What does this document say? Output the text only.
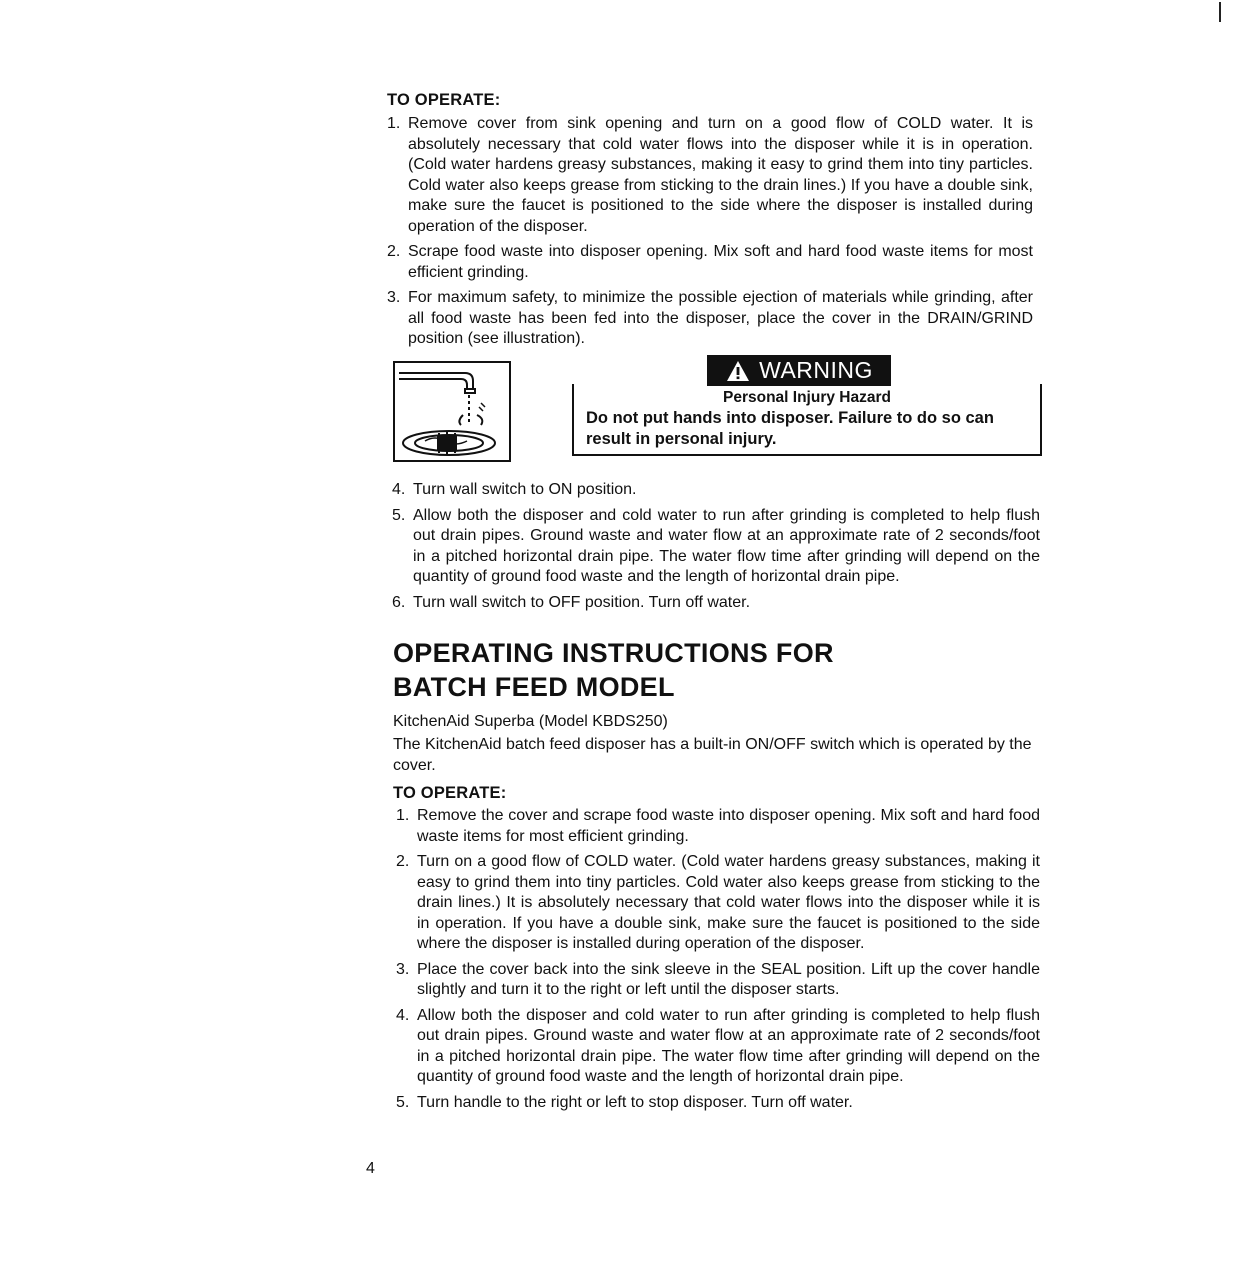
TO OPERATE:
1. Remove cover from sink opening and turn on a good flow of COLD water. It is absolutely necessary that cold water flows into the disposer while it is in operation. (Cold water hardens greasy substances, making it easy to grind them into tiny particles. Cold water also keeps grease from sticking to the drain lines.) If you have a double sink, make sure the faucet is positioned to the side where the disposer is installed during operation of the disposer.
2. Scrape food waste into disposer opening. Mix soft and hard food waste items for most efficient grinding.
3. For maximum safety, to minimize the possible ejection of materials while grinding, after all food waste has been fed into the disposer, place the cover in the DRAIN/GRIND position (see illustration).
WARNING
Personal Injury Hazard
Do not put hands into disposer. Failure to do so can result in personal injury.
4. Turn wall switch to ON position.
5. Allow both the disposer and cold water to run after grinding is completed to help flush out drain pipes. Ground waste and water flow at an approximate rate of 2 seconds/foot in a pitched horizontal drain pipe. The water flow time after grinding will depend on the quantity of ground food waste and the length of horizontal drain pipe.
6. Turn wall switch to OFF position. Turn off water.
OPERATING INSTRUCTIONS FOR
BATCH FEED MODEL

KitchenAid Superba (Model KBDS250)

The KitchenAid batch feed disposer has a built-in ON/OFF switch which is operated by the cover.

TO OPERATE:
1. Remove the cover and scrape food waste into disposer opening. Mix soft and hard food waste items for most efficient grinding.
2. Turn on a good flow of COLD water. (Cold water hardens greasy substances, making it easy to grind them into tiny particles. Cold water also keeps grease from sticking to the drain lines.) It is absolutely necessary that cold water flows into the disposer while it is in operation. If you have a double sink, make sure the faucet is positioned to the side where the disposer is installed during operation of the disposer.
3. Place the cover back into the sink sleeve in the SEAL position. Lift up the cover handle slightly and turn it to the right or left until the disposer starts.
4. Allow both the disposer and cold water to run after grinding is completed to help flush out drain pipes. Ground waste and water flow at an approximate rate of 2 seconds/foot in a pitched horizontal drain pipe. The water flow time after grinding will depend on the quantity of ground food waste and the length of horizontal drain pipe.
5. Turn handle to the right or left to stop disposer. Turn off water.
4
